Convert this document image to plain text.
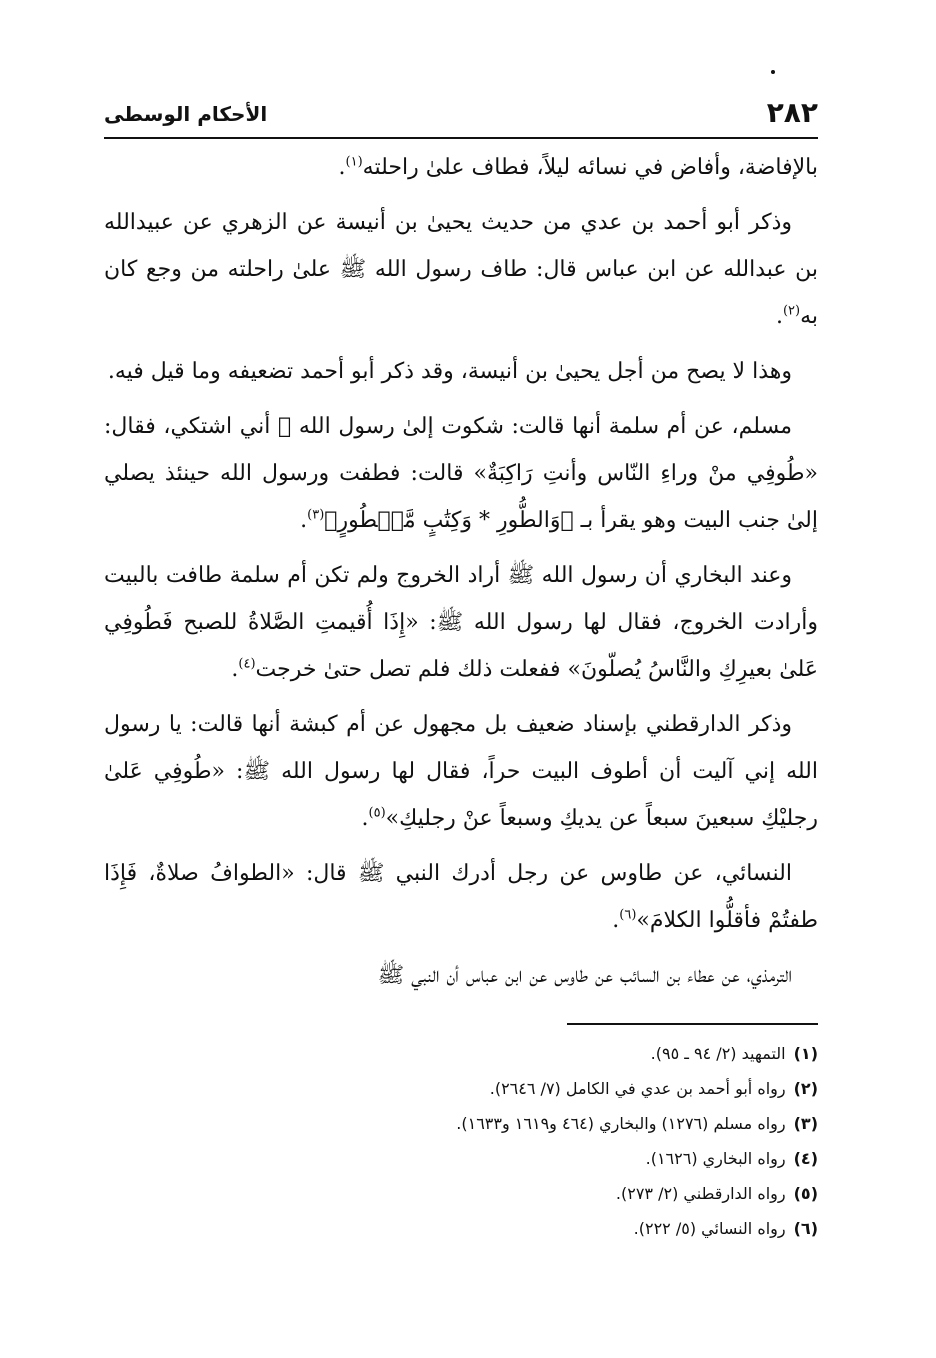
٢٨٢
الأحكام الوسطى

بالإفاضة، وأفاض في نسائه ليلاً، فطاف علىٰ راحلته$^{(١)}$.

وذكر أبو أحمد بن عدي من حديث يحيىٰ بن أنيسة عن الزهري عن عبيدالله بن عبدالله عن ابن عباس قال: طاف رسول الله ﷺ علىٰ راحلته من وجع كان به$^{(٢)}$.

وهذا لا يصح من أجل يحيىٰ بن أنيسة، وقد ذكر أبو أحمد تضعيفه وما قيل فيه.

مسلم، عن أم سلمة أنها قالت: شكوت إلىٰ رسول الله ﷺ أني اشتكي، فقال: «طُوفِي منْ وراءِ النّاس وأنتِ رَاكِبَةٌ» قالت: فطفت ورسول الله حينئذ يصلي إلىٰ جنب البيت وهو يقرأ بـ ﴿وَالطُّورِ * وَكِتَٰبٍ مَّسۡطُورٍ﴾$^{(٣)}$.

وعند البخاري أن رسول الله ﷺ أراد الخروج ولم تكن أم سلمة طافت بالبيت وأرادت الخروج، فقال لها رسول الله ﷺ: «إِذَا أُقيمتِ الصَّلاةُ للصبح فَطُوفِي عَلىٰ بعيرِكِ والنَّاسُ يُصلّونَ» ففعلت ذلك فلم تصل حتىٰ خرجت$^{(٤)}$.

وذكر الدارقطني بإسناد ضعيف بل مجهول عن أم كبشة أنها قالت: يا رسول الله إني آليت أن أطوف البيت حراً، فقال لها رسول الله ﷺ: «طُوفِي عَلىٰ رجليْكِ سبعينَ سبعاً عن يديكِ وسبعاً عنْ رجليكِ»$^{(٥)}$.

النسائي، عن طاوس عن رجل أدرك النبي ﷺ قال: «الطوافُ صلاةٌ، فَإِذَا طفتُمْ فأقلُّوا الكلامَ»$^{(٦)}$.

الترمذي، عن عطاء بن السائب عن طاوس عن ابن عباس أن النبي ﷺ

(١)التمهيد (٢/ ٩٤ ـ ٩٥).
(٢)رواه أبو أحمد بن عدي في الكامل (٧/ ٢٦٤٦).
(٣)رواه مسلم (١٢٧٦) والبخاري (٤٦٤ و١٦١٩ و١٦٣٣).
(٤)رواه البخاري (١٦٢٦).
(٥)رواه الدارقطني (٢/ ٢٧٣).
(٦)رواه النسائي (٥/ ٢٢٢).
